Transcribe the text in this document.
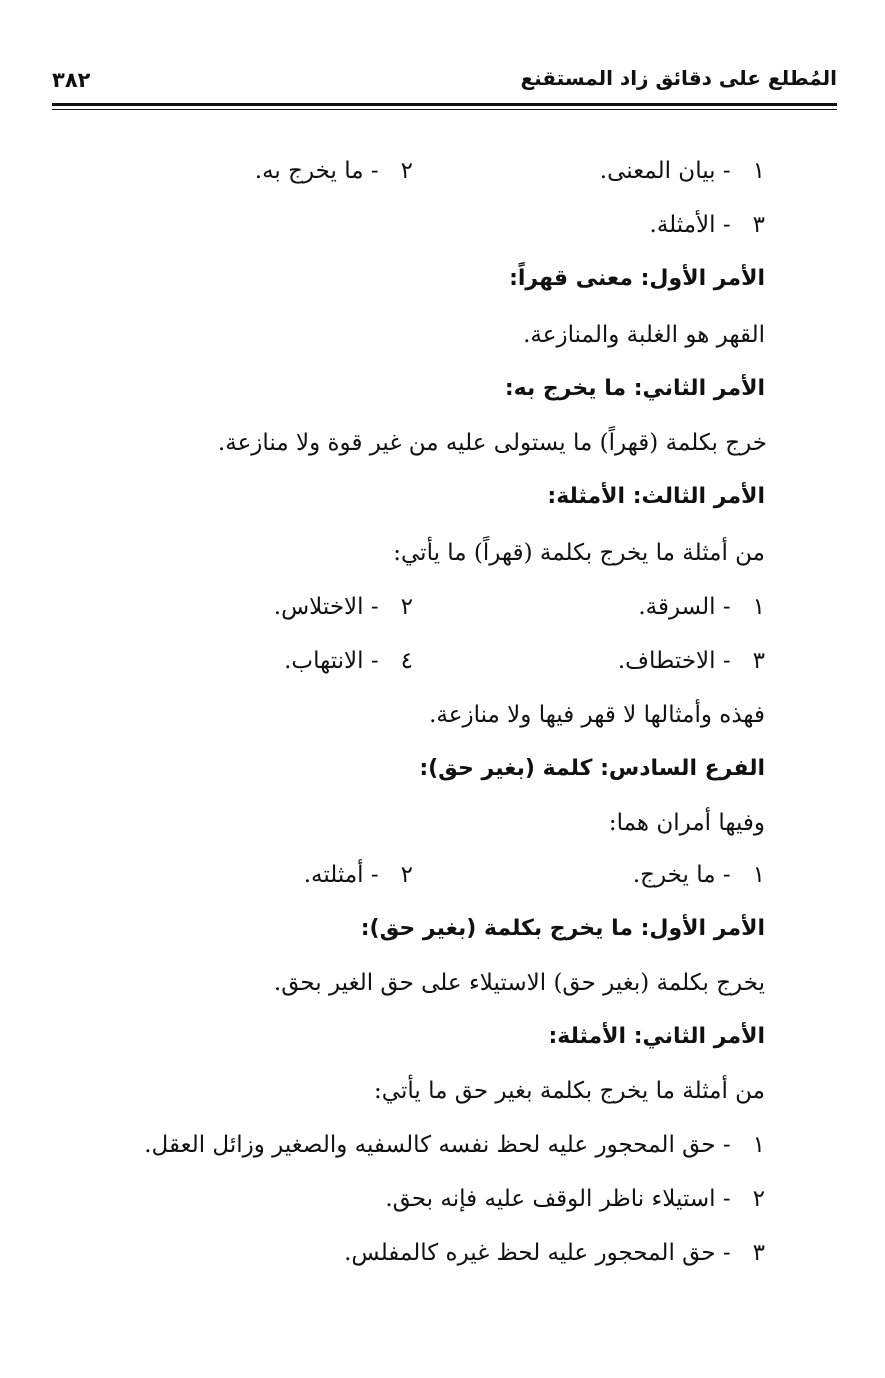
المُطلع على دقائق زاد المستقنع
٣٨٢
١- بيان المعنى.
٢- ما يخرج به.
٣- الأمثلة.
الأمر الأول: معنى قهراً:
القهر هو الغلبة والمنازعة.
الأمر الثاني: ما يخرج به:
خرج بكلمة (قهراً) ما يستولى عليه من غير قوة ولا منازعة.
الأمر الثالث: الأمثلة:
من أمثلة ما يخرج بكلمة (قهراً) ما يأتي:
١- السرقة.
٢- الاختلاس.
٣- الاختطاف.
٤- الانتهاب.
فهذه وأمثالها لا قهر فيها ولا منازعة.
الفرع السادس: كلمة (بغير حق):
وفيها أمران هما:
١- ما يخرج.
٢- أمثلته.
الأمر الأول: ما يخرج بكلمة (بغير حق):
يخرج بكلمة (بغير حق) الاستيلاء على حق الغير بحق.
الأمر الثاني: الأمثلة:
من أمثلة ما يخرج بكلمة بغير حق ما يأتي:
١- حق المحجور عليه لحظ نفسه كالسفيه والصغير وزائل العقل.
٢- استيلاء ناظر الوقف عليه فإنه بحق.
٣- حق المحجور عليه لحظ غيره كالمفلس.
